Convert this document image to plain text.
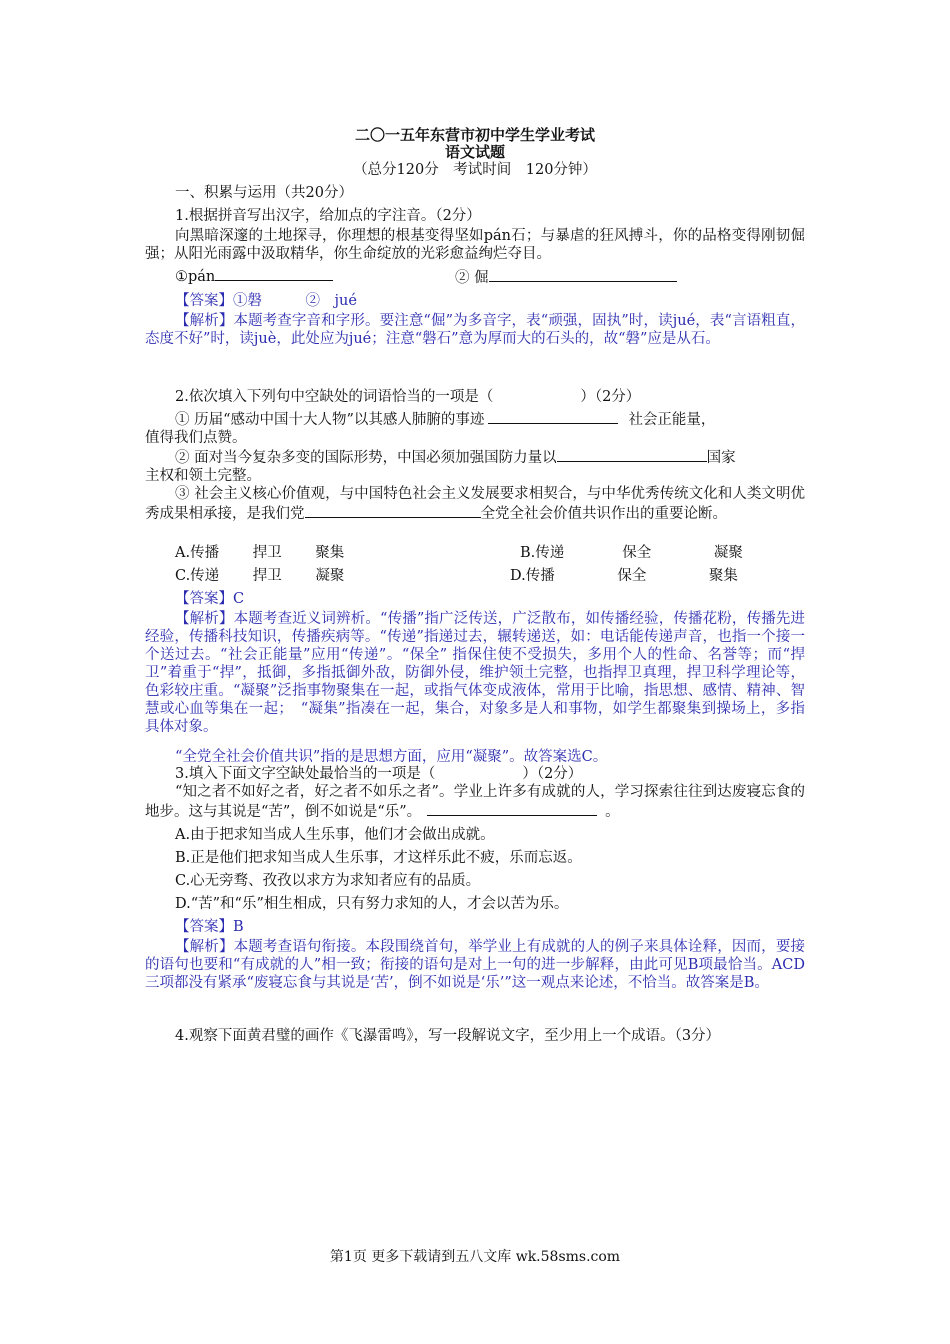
二〇一五年东营市初中学生学业考试
语文试题
（总分120分　考试时间　120分钟）
一、积累与运用（共20分）
1.根据拼音写出汉字，给加点的字注音。（2分）
向黑暗深邃的土地探寻，你理想的根基变得坚如pán石；与暴虐的狂风搏斗，你的品格变得刚韧倔强；从阳光雨露中汲取精华，你生命绽放的光彩愈益绚烂夺目。
①pán	② 倔
【答案】①磐　　　②　jué
【解析】本题考查字音和字形。要注意“倔”为多音字，表“顽强，固执”时，读jué，表“言语粗直，态度不好”时，读juè，此处应为jué；注意“磐石”意为厚而大的石头的，故“磐”应是从石。
2.依次填入下列句中空缺处的词语恰当的一项是（　　　　　　）（2分）
① 历届“感动中国十大人物”以其感人肺腑的事迹	社会正能量，
值得我们点赞。
② 面对当今复杂多变的国际形势，中国必须加强国防力量以	国家
主权和领土完整。
③ 社会主义核心价值观，与中国特色社会主义发展要求相契合，与中华优秀传统文化和人类文明优秀成果相承接，是我们党	全党全社会价值共识作出的重要论断。
A.传播　　 捍卫　　 聚集	B.传递　　　　保全　　　　 凝聚
C.传递　　 捍卫　　 凝聚	D.传播　　　　 保全　　　　 聚集
【答案】C
【解析】本题考查近义词辨析。“传播”指广泛传送，广泛散布，如传播经验，传播花粉，传播先进经验，传播科技知识，传播疾病等。“传递”指递过去，辗转递送，如：电话能传递声音，也指一个接一个送过去。“社会正能量”应用“传递”。“保全” 指保住使不受损失，多用个人的性命、名誉等；而“捍卫”着重于“捍”，抵御，多指抵御外敌，防御外侵，维护领土完整，也指捍卫真理，捍卫科学理论等，色彩较庄重。“凝聚”泛指事物聚集在一起，或指气体变成液体，常用于比喻，指思想、感情、精神、智慧或心血等集在一起；　“凝集”指凑在一起，集合，对象多是人和事物，如学生都聚集到操场上，多指具体对象。
“全党全社会价值共识”指的是思想方面，应用“凝聚”。故答案选C。
3.填入下面文字空缺处最恰当的一项是（　　　　　　）（2分）
“知之者不如好之者，好之者不如乐之者”。学业上许多有成就的人，学习探索往往到达废寝忘食的地步。这与其说是“苦”，倒不如说是“乐”。	。
A.由于把求知当成人生乐事，他们才会做出成就。
B.正是他们把求知当成人生乐事，才这样乐此不疲，乐而忘返。
C.心无旁骛、孜孜以求方为求知者应有的品质。
D.“苦”和“乐”相生相成，只有努力求知的人，才会以苦为乐。
【答案】B
【解析】本题考查语句衔接。本段围绕首句，举学业上有成就的人的例子来具体诠释，因而，要接的语句也要和“有成就的人”相一致；衔接的语句是对上一句的进一步解释，由此可见B项最恰当。ACD三项都没有紧承“废寝忘食与其说是‘苦’，倒不如说是‘乐’”这一观点来论述，不恰当。故答案是B。
4.观察下面黄君璧的画作《飞瀑雷鸣》，写一段解说文字，至少用上一个成语。（3分）
第1页 更多下载请到五八文库 wk.58sms.com
